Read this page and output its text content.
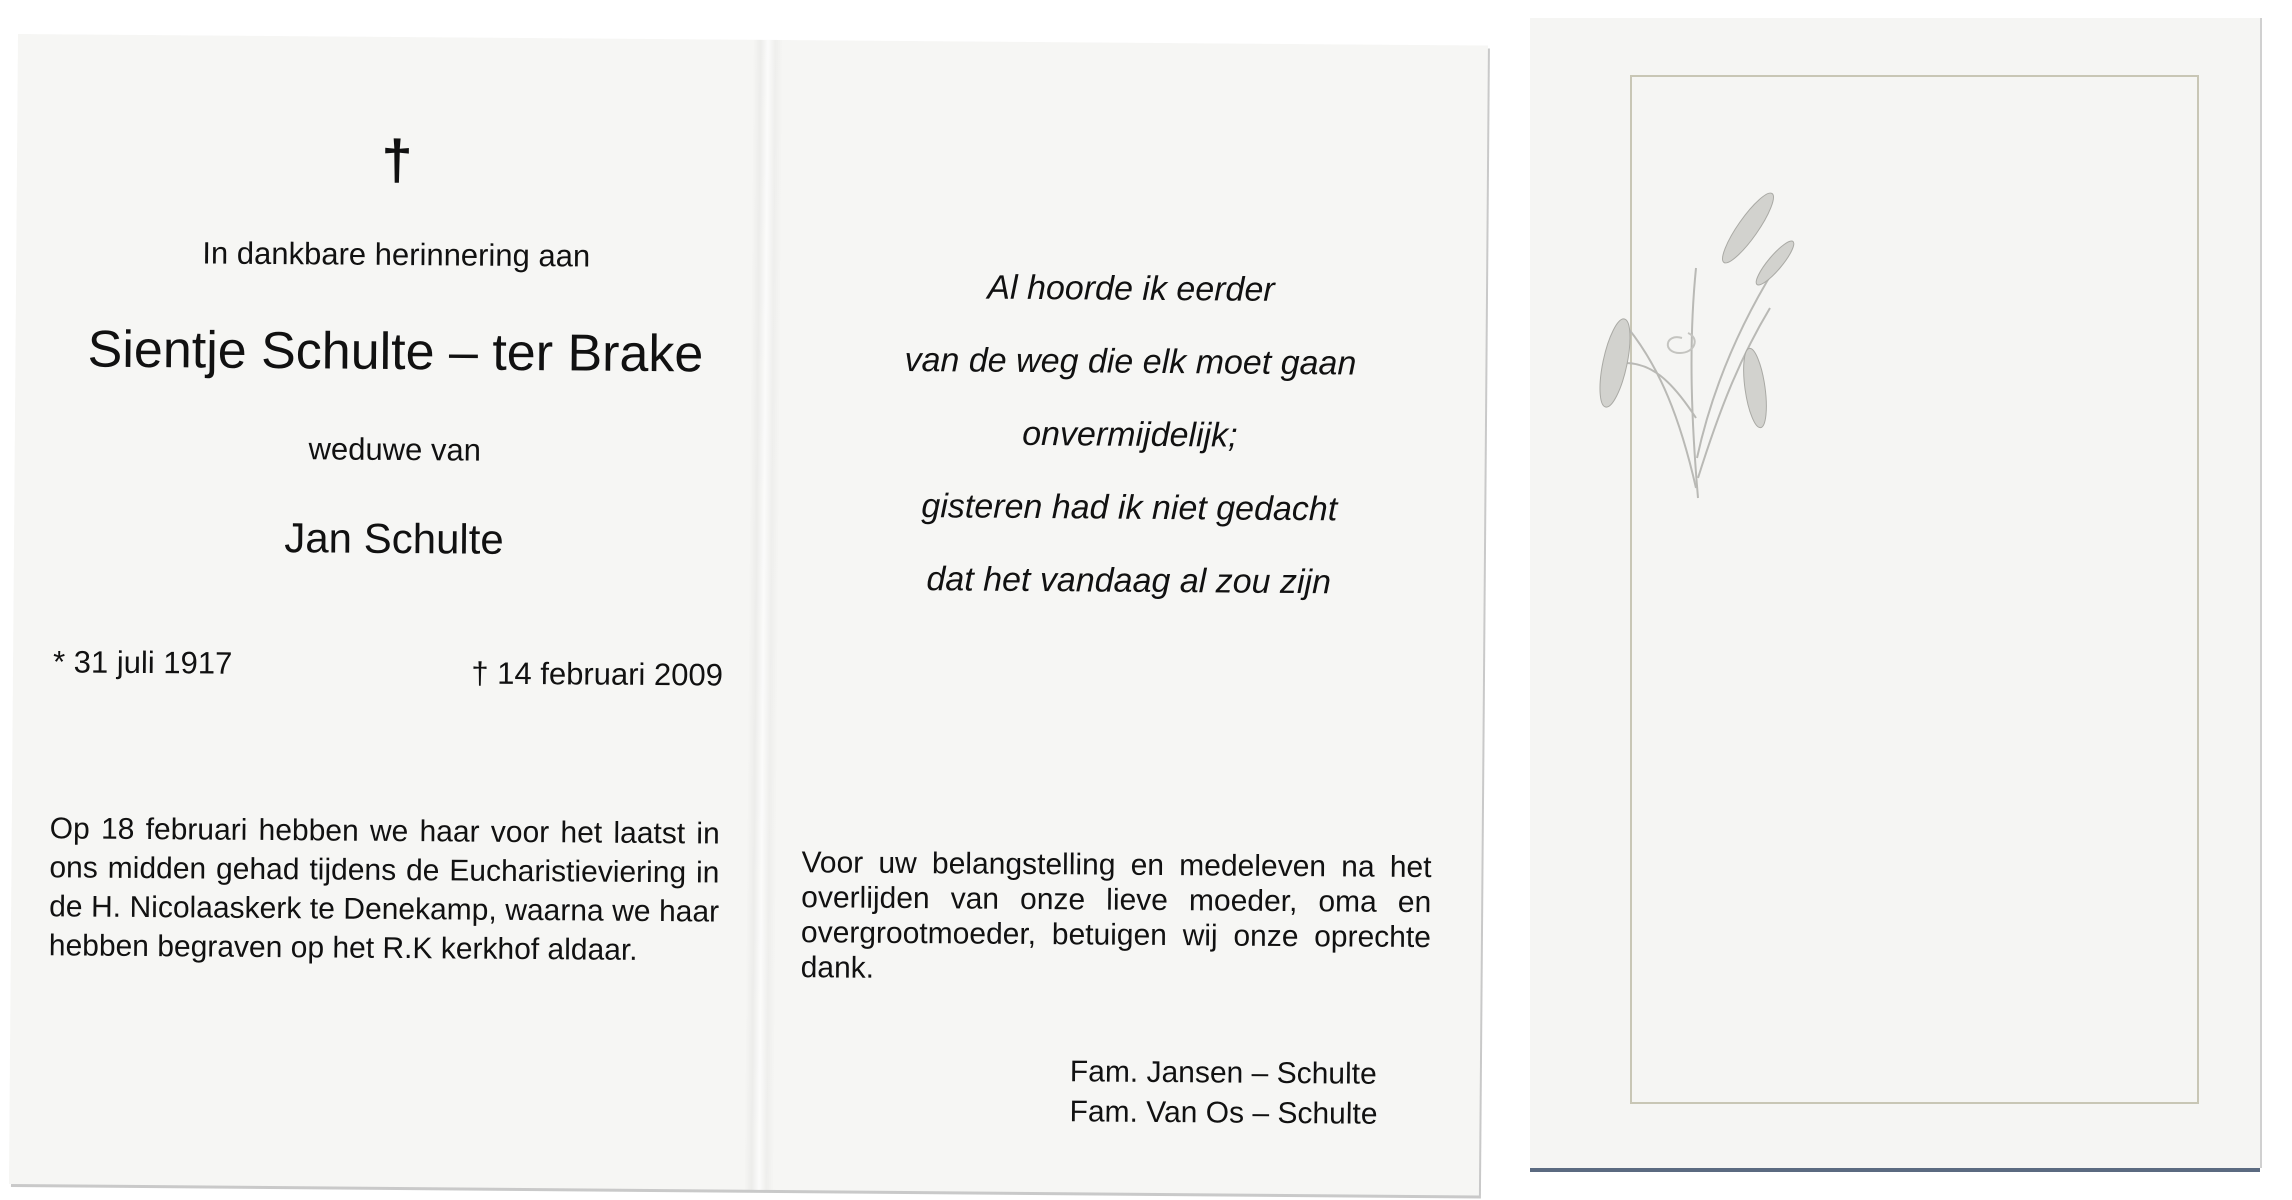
†
In dankbare herinnering aan
Sientje Schulte – ter Brake
weduwe van
Jan Schulte
* 31 juli 1917	† 14 februari 2009
Op 18 februari hebben we haar voor het laatst in ons midden gehad tijdens de Eucharistieviering in de H. Nicolaaskerk te Denekamp, waarna we haar hebben begraven op het R.K kerkhof aldaar.
Al hoorde ik eerder
van de weg die elk moet gaan
onvermijdelijk;
gisteren had ik niet gedacht
dat het vandaag al zou zijn
Voor uw belangstelling en medeleven na het overlijden van onze lieve moeder, oma en overgrootmoeder, betuigen wij onze oprechte dank.
Fam. Jansen – Schulte
Fam. Van Os – Schulte
